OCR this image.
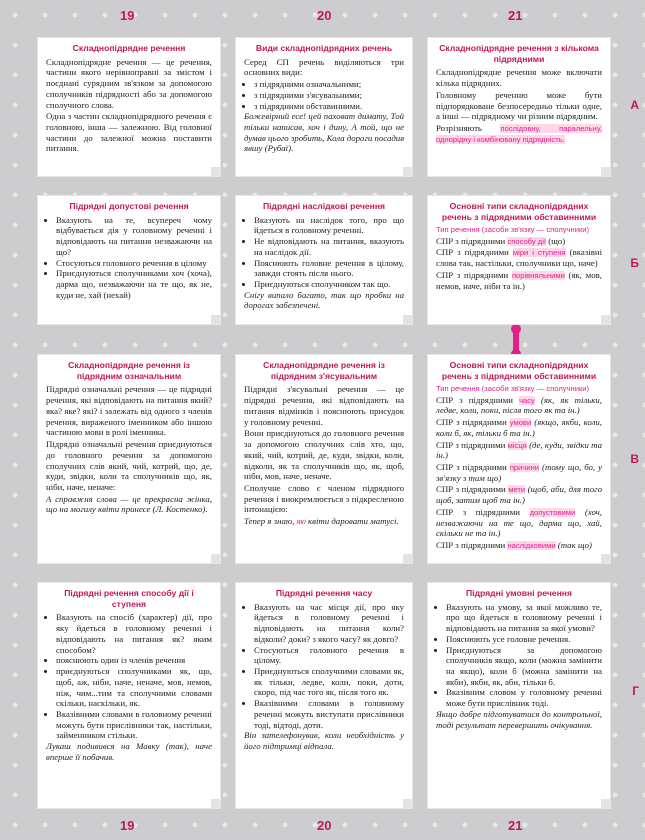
19	20	21
19	20	21
А
Б
В
Г
Складнопідрядне речення
Складнопідрядне речення — це речення, частини якого нерівноправні за змістом і поєднані сурядним зв'язком за допомогою сполучників підрядності або за допомогою сполучного слова.
Одна з частин складнопідрядного речення є головною, інша — залежною. Від головної частини до залежної можна поставити питання.
Види складнопідрядних речень
Серед СП речень виділяються три основних види:
• з підрядними означальними;
• з підрядними з'ясувальними;
• з підрядними обставинними.
Божевірний есе! цей паховат димату, Той тільки написав, хоч і дину, А той, що не думав цього зробить, Кола дороги посадив явшу (Рубаї).
Складнопідрядне речення з кількома підрядними
Складнопідрядне речення може включати кілька підрядних.
Головному реченню може бути підпорядковане безпосередньо тільки одне, а інші — підрядному чи різним підрядним.
Розрізняють послідовну, паралельну, однорідну і комбіновану підрядність.
Підрядні допустові речення
• Вказують на те, всупереч чому відбувається дія у головному реченні і відповідають на питання незважаючи на що?
• Стосуються головного речення в цілому
• Приєднуються сполучниками хоч (хоча), дарма що, незважаючи на те що, як не, куди не, хай (нехай)
Підрядні наслідкові речення
• Вказують на наслідок того, про що йдеться в головному реченні.
• Не відповідають на питання, вказують на наслідок дії.
• Пояснюють головне речення в цілому, завжди стоять після нього.
• Приєднуються сполучником так що.
Снігу випало багато, так що пробки на дорогах забезпечені.
Основні типи складнопідрядних речень з підрядними обставинними
Тип речення (засоби зв'язку — сполучники)
СПР з підрядними способу дії (що)
СПР з підрядними міри і ступеня (вказівні слова так, настільки, сполучники що, наче)
СПР з підрядними порівняльними (як, мов, немов, наче, ніби та ін.)
Складнопідрядне речення із підрядним означальним
Підрядні означальні речення — це підрядні речення, які відповідають на питання який? яка? яке? які? і залежать від одного з членів речення, вираженого іменником або іншою частиною мови в ролі іменника.
Підрядні означальні речення приєднуються до головного речення за допомогою сполучних слів який, чий, котрий, що, де, куди, звідки, коли та сполучників що, як, ніби, наче, неначе:
А справжня слова — це прекрасна жінка, що на могилу квіти принесе (Л. Костенко).
Складнопідрядне речення із підрядним з'ясувальним
Підрядні з'ясувальні речення — це підрядні речення, які відповідають на питання відмінків і пояснюють присудок у головному реченні.
Вони приєднуються до головного речення за допомогою сполучних слів хто, що, який, чий, котрий, де, куди, звідки, коли, відколи, як та сполучників що, як, щоб, ніби, мов, наче, неначе.
Сполучне слово є членом підрядного речення і виокремлюється з підкресленою інтонацією:
Тепер я знаю, які квіти даровати матусі.
Основні типи складнопідрядних речень з підрядними обставинними
Тип речення (засоби зв'язку — сполучники)
СПР з підрядними часу (як, як тільки, ледве, коли, поки, після того як та ін.)
СПР з підрядними умови (якщо, якби, коли, коли б, як, тільки б та ін.)
СПР з підрядними місця (де, куди, звідки та ін.)
СПР з підрядними причини (тому що, бо, у зв'язку з тим що)
СПР з підрядними мети (щоб, аби, для того щоб, затим щоб та ін.)
СПР з підрядними допустовими (хоч, незважаючи на те що, дарма що, хай, скільки не та ін.)
СПР з підрядними наслідковими (так що)
Підрядні речення способу дії і ступеня
• Вказують на спосіб (характер) дії, про яку йдеться в головному реченні і відповідають на питання як? яким способом?
• пояснюють один із членів речення
• приєднуються сполучниками як, що, щоб, аж, ніби, наче, неначе, мов, немов, ніж, чим...тим та сполучними словами скільки, наскільки, як.
• Вказівними словами в головному реченні можуть бути прислівники так, настільки, займенником стільки.
Лукаш подивився на Мавку (так), наче вперше її побачив.
Підрядні речення часу
• Вказують на час місця дії, про яку йдеться в головному реченні і відповідають на питання коли? відколи? доки? з якого часу? як довго?
• Стосуються головного речення в цілому.
• Приєднуються сполучними словами як, як тільки, ледве, коли, поки, доти, скоро, під час того як, після того як.
• Вказівними словами в головному реченні можуть виступати прислівники тоді, відтоді, доти.
Він зателефонував, коли необхідність у його підтримці відпала.
Підрядні умовні речення
• Вказують на умову, за якої можливо те, про що йдеться в головному реченні і відповідають на питання за якої умови?
• Пояснюють усе головне речення.
• Приєднуються за допомогою сполучників якщо, коли (можна замінити на якщо), коли б (можна замінити на якби), якби, як, аби, тільки б.
• Вказівним словом у головному реченні може бути прислівник тоді.
Якщо добре підготуватися до контрольної, тоді результат перевершить очікування.
